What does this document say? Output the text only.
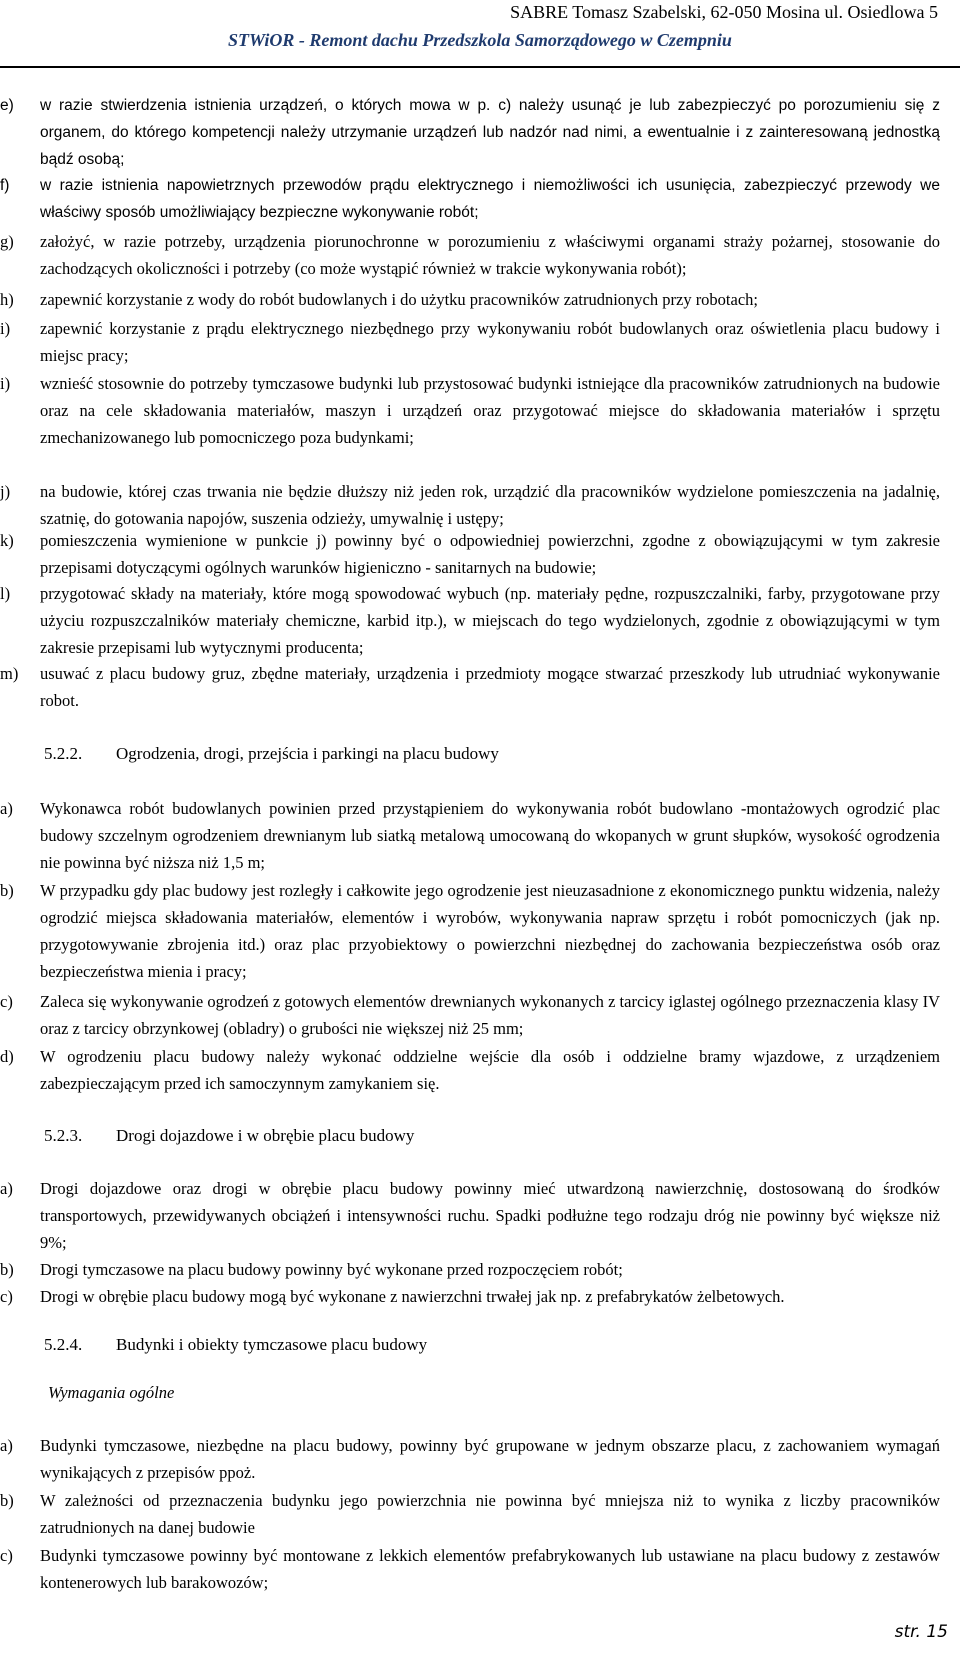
SABRE Tomasz Szabelski, 62-050 Mosina ul. Osiedlowa 5
STWiOR - Remont dachu Przedszkola Samorządowego w Czempniu
e) w razie stwierdzenia istnienia urządzeń, o których mowa w p. c) należy usunąć je lub zabezpieczyć po porozumieniu się z organem, do którego kompetencji należy utrzymanie urządzeń lub nadzór nad nimi, a ewentualnie i z zainteresowaną jednostką bądź osobą;
f) w razie istnienia napowietrznych przewodów prądu elektrycznego i niemożliwości ich usunięcia, zabezpieczyć przewody we właściwy sposób umożliwiający bezpieczne wykonywanie robót;
g) założyć, w razie potrzeby, urządzenia piorunochronne w porozumieniu z właściwymi organami straży pożarnej, stosowanie do zachodzących okoliczności i potrzeby (co może wystąpić również w trakcie wykonywania robót);
h) zapewnić korzystanie z wody do robót budowlanych i do użytku pracowników zatrudnionych przy robotach;
i) zapewnić korzystanie z prądu elektrycznego niezbędnego przy wykonywaniu robót budowlanych oraz oświetlenia placu budowy i miejsc pracy;
i) wznieść stosownie do potrzeby tymczasowe budynki lub przystosować budynki istniejące dla pracowników zatrudnionych na budowie oraz na cele składowania materiałów, maszyn i urządzeń oraz przygotować miejsce do składowania materiałów i sprzętu zmechanizowanego lub pomocniczego poza budynkami;
j) na budowie, której czas trwania nie będzie dłuższy niż jeden rok, urządzić dla pracowników wydzielone pomieszczenia na jadalnię, szatnię, do gotowania napojów, suszenia odzieży, umywalnię i ustępy;
k) pomieszczenia wymienione w punkcie j) powinny być o odpowiedniej powierzchni, zgodne z obowiązującymi w tym zakresie przepisami dotyczącymi ogólnych warunków higieniczno - sanitarnych na budowie;
l) przygotować składy na materiały, które mogą spowodować wybuch (np. materiały pędne, rozpuszczalniki, farby, przygotowane przy użyciu rozpuszczalników materiały chemiczne, karbid itp.), w miejscach do tego wydzielonych, zgodnie z obowiązującymi w tym zakresie przepisami lub wytycznymi producenta;
m) usuwać z placu budowy gruz, zbędne materiały, urządzenia i przedmioty mogące stwarzać przeszkody lub utrudniać wykonywanie robot.
5.2.2. Ogrodzenia, drogi, przejścia i parkingi na placu budowy
a) Wykonawca robót budowlanych powinien przed przystąpieniem do wykonywania robót budowlano -montażowych ogrodzić plac budowy szczelnym ogrodzeniem drewnianym lub siatką metalową umocowaną do wkopanych w grunt słupków, wysokość ogrodzenia nie powinna być niższa niż 1,5 m;
b) W przypadku gdy plac budowy jest rozległy i całkowite jego ogrodzenie jest nieuzasadnione z ekonomicznego punktu widzenia, należy ogrodzić miejsca składowania materiałów, elementów i wyrobów, wykonywania napraw sprzętu i robót pomocniczych (jak np. przygotowywanie zbrojenia itd.) oraz plac przyobiektowy o powierzchni niezbędnej do zachowania bezpieczeństwa osób oraz bezpieczeństwa mienia i pracy;
c) Zaleca się wykonywanie ogrodzeń z gotowych elementów drewnianych wykonanych z tarcicy iglastej ogólnego przeznaczenia klasy IV oraz z tarcicy obrzynkowej (obladry) o grubości nie większej niż 25 mm;
d) W ogrodzeniu placu budowy należy wykonać oddzielne wejście dla osób i oddzielne bramy wjazdowe, z urządzeniem zabezpieczającym przed ich samoczynnym zamykaniem się.
5.2.3. Drogi dojazdowe i w obrębie placu budowy
a) Drogi dojazdowe oraz drogi w obrębie placu budowy powinny mieć utwardzoną nawierzchnię, dostosowaną do środków transportowych, przewidywanych obciążeń i intensywności ruchu. Spadki podłużne tego rodzaju dróg nie powinny być większe niż 9%;
b) Drogi tymczasowe na placu budowy powinny być wykonane przed rozpoczęciem robót;
c) Drogi w obrębie placu budowy mogą być wykonane z nawierzchni trwałej jak np. z prefabrykatów żelbetowych.
5.2.4. Budynki i obiekty tymczasowe placu budowy
Wymagania ogólne
a) Budynki tymczasowe, niezbędne na placu budowy, powinny być grupowane w jednym obszarze placu, z zachowaniem wymagań wynikających z przepisów ppoż.
b) W zależności od przeznaczenia budynku jego powierzchnia nie powinna być mniejsza niż to wynika z liczby pracowników zatrudnionych na danej budowie
c) Budynki tymczasowe powinny być montowane z lekkich elementów prefabrykowanych lub ustawiane na placu budowy z zestawów kontenerowych lub barakowozów;
str. 15
